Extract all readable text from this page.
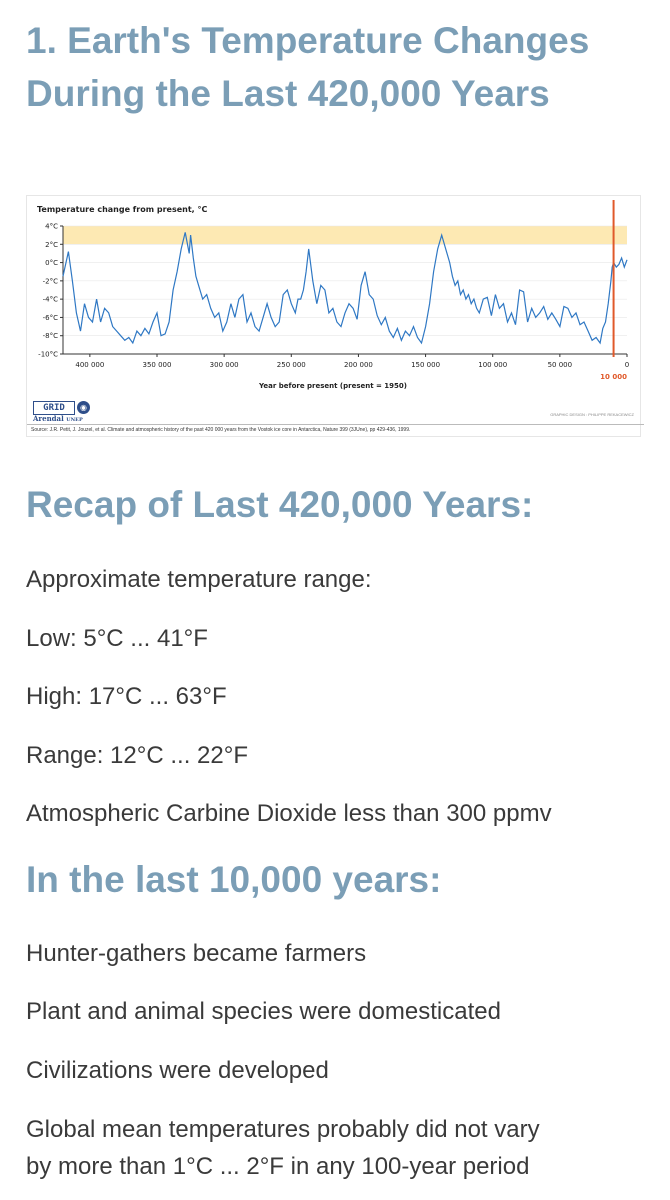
1. Earth's Temperature Changes During the Last 420,000 Years
4°C
2°C
0°C
-2°C
-4°C
-6°C
-8°C
-10°C
400 000	350 000	300 000	250 000	200 000	150 000	100 000	50 000	0
10 000
Temperature change from present, °C
Year before present (present = 1950)
GRID	◉
Arendal UNEP
GRAPHIC DESIGN : PHILIPPE REKACEWICZ
Source: J.R. Petit, J. Jouzel, et al. Climate and atmospheric history of the past 420 000 years from the Vostok ice core in Antarctica, Nature 399 (3JUne), pp 429-436, 1999.
Recap of Last 420,000 Years:
Approximate temperature range:
Low: 5°C ... 41°F
High: 17°C ... 63°F
Range: 12°C ... 22°F
Atmospheric Carbine Dioxide less than 300 ppmv
In the last 10,000 years:
Hunter-gathers became farmers
Plant and animal species were domesticated
Civilizations were developed
Global mean temperatures probably did not vary
by more than 1°C ... 2°F in any 100-year period
